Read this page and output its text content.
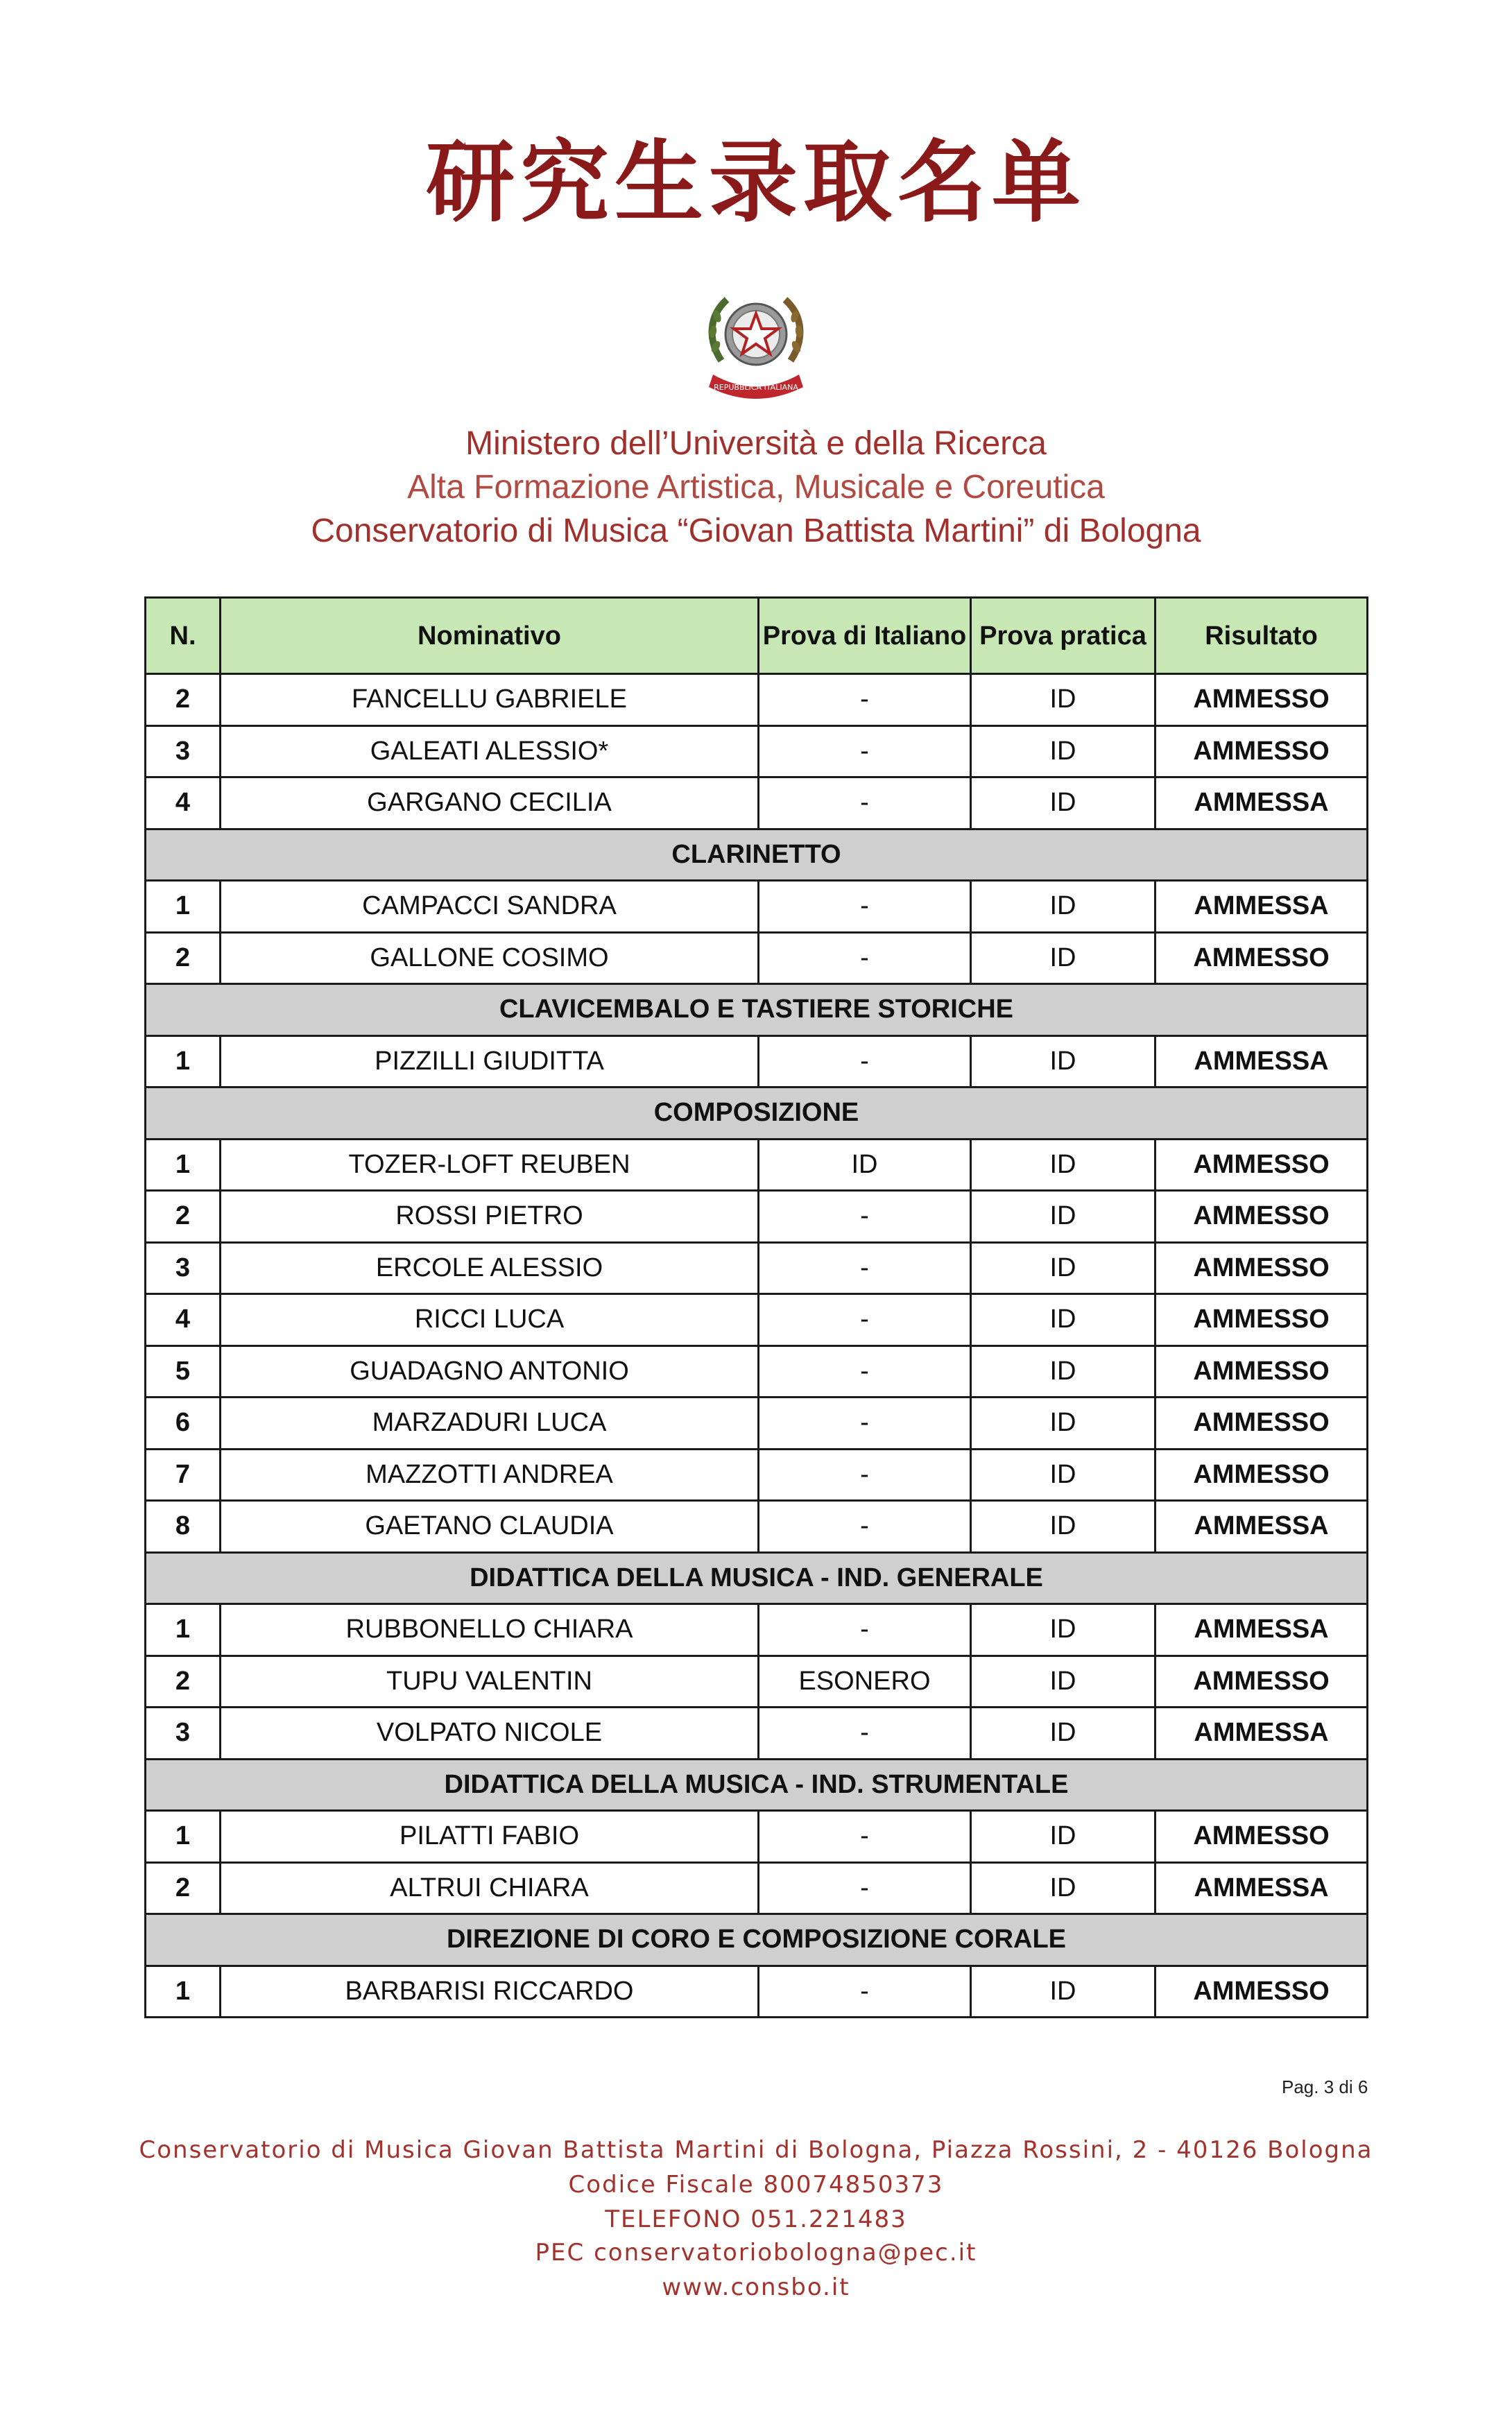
研究生录取名单
REPUBBLICA ITALIANA
Ministero dell’Università e della Ricerca
Alta Formazione Artistica, Musicale e Coreutica
Conservatorio di Musica “Giovan Battista Martini” di Bologna
N.	Nominativo	Prova di Italiano	Prova pratica	Risultato
2	FANCELLU GABRIELE	-	ID	AMMESSO
3	GALEATI ALESSIO*	-	ID	AMMESSO
4	GARGANO CECILIA	-	ID	AMMESSA
CLARINETTO				
1	CAMPACCI SANDRA	-	ID	AMMESSA
2	GALLONE COSIMO	-	ID	AMMESSO
CLAVICEMBALO E TASTIERE STORICHE				
1	PIZZILLI GIUDITTA	-	ID	AMMESSA
COMPOSIZIONE				
1	TOZER-LOFT REUBEN	ID	ID	AMMESSO
2	ROSSI PIETRO	-	ID	AMMESSO
3	ERCOLE ALESSIO	-	ID	AMMESSO
4	RICCI LUCA	-	ID	AMMESSO
5	GUADAGNO ANTONIO	-	ID	AMMESSO
6	MARZADURI LUCA	-	ID	AMMESSO
7	MAZZOTTI ANDREA	-	ID	AMMESSO
8	GAETANO CLAUDIA	-	ID	AMMESSA
DIDATTICA DELLA MUSICA - IND. GENERALE				
1	RUBBONELLO CHIARA	-	ID	AMMESSA
2	TUPU VALENTIN	ESONERO	ID	AMMESSO
3	VOLPATO NICOLE	-	ID	AMMESSA
DIDATTICA DELLA MUSICA - IND. STRUMENTALE				
1	PILATTI FABIO	-	ID	AMMESSO
2	ALTRUI CHIARA	-	ID	AMMESSA
DIREZIONE DI CORO E COMPOSIZIONE CORALE				
1	BARBARISI RICCARDO	-	ID	AMMESSO
Pag. 3 di 6
Conservatorio di Musica Giovan Battista Martini di Bologna, Piazza Rossini, 2 - 40126 Bologna
Codice Fiscale 80074850373
TELEFONO 051.221483
PEC conservatoriobologna@pec.it
www.consbo.it
